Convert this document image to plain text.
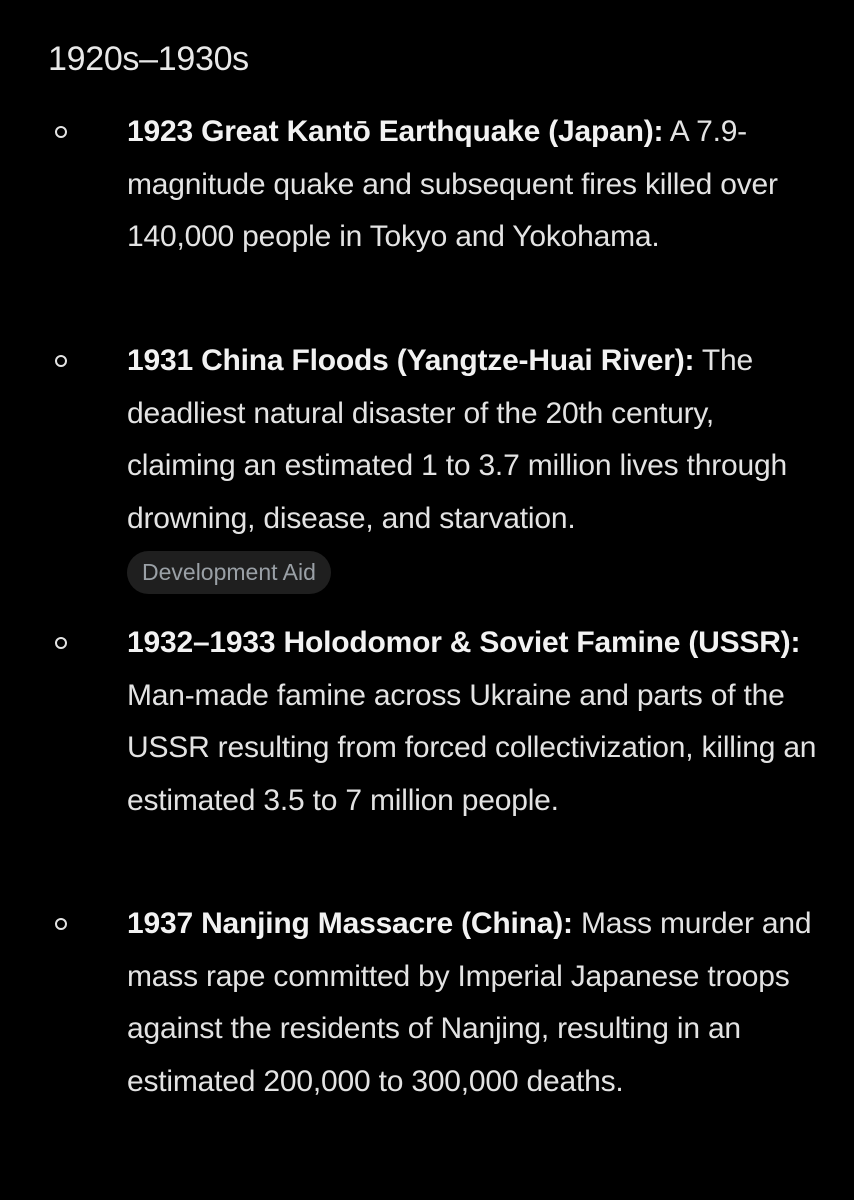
1920s–1930s

1923 Great Kantō Earthquake (Japan): A 7.9-magnitude quake and subsequent fires killed over 140,000 people in Tokyo and Yokohama.

1931 China Floods (Yangtze-Huai River): The deadliest natural disaster of the 20th century, claiming an estimated 1 to 3.7 million lives through drowning, disease, and starvation.

Development Aid

1932–1933 Holodomor & Soviet Famine (USSR): Man-made famine across Ukraine and parts of the USSR resulting from forced collectivization, killing an estimated 3.5 to 7 million people.

1937 Nanjing Massacre (China): Mass murder and mass rape committed by Imperial Japanese troops against the residents of Nanjing, resulting in an estimated 200,000 to 300,000 deaths.
